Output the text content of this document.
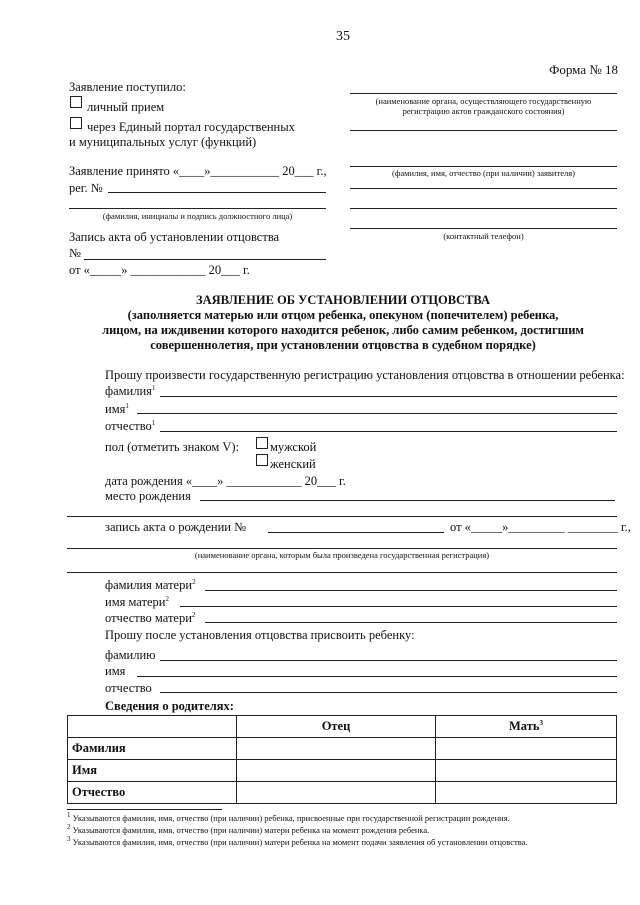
35
Форма № 18
Заявление поступило:
личный прием
через Единый портал государственных
и муниципальных услуг (функций)
Заявление принято «____»___________ 20___ г.,
рег. №
(фамилия, инициалы и подпись должностного лица)
Запись акта об установлении отцовства
№
от «_____» ____________ 20___ г.
(наименование органа, осуществляющего государственную
регистрацию актов гражданского состояния)
(фамилия, имя, отчество (при наличии) заявителя)
(контактный телефон)
ЗАЯВЛЕНИЕ ОБ УСТАНОВЛЕНИИ ОТЦОВСТВА
(заполняется матерью или отцом ребенка, опекуном (попечителем) ребенка,
лицом, на иждивении которого находится ребенок, либо самим ребенком, достигшим
совершеннолетия, при установлении отцовства в судебном порядке)
Прошу произвести государственную регистрацию установления отцовства в отношении ребенка:
фамилия$^1$
имя$^1$
отчество$^1$
пол (отметить знаком V): мужской
женский
дата рождения «____» ____________ 20___ г.
место рождения
запись акта о рождении №	от «_____»_________ ________ г.,
(наименование органа, которым была произведена государственная регистрация)
фамилия матери$^2$
имя матери$^2$
отчество матери$^2$
Прошу после установления отцовства присвоить ребенку:
фамилию
имя
отчество
Сведения о родителях:
	Отец	Мать$^3$
Фамилия		
Имя		
Отчество		
$^1$ Указываются фамилия, имя, отчество (при наличии) ребенка, присвоенные при государственной регистрации рождения.
$^2$ Указываются фамилия, имя, отчество (при наличии) матери ребенка на момент рождения ребенка.
$^3$ Указываются фамилия, имя, отчество (при наличии) матери ребенка на момент подачи заявления об установлении отцовства.
